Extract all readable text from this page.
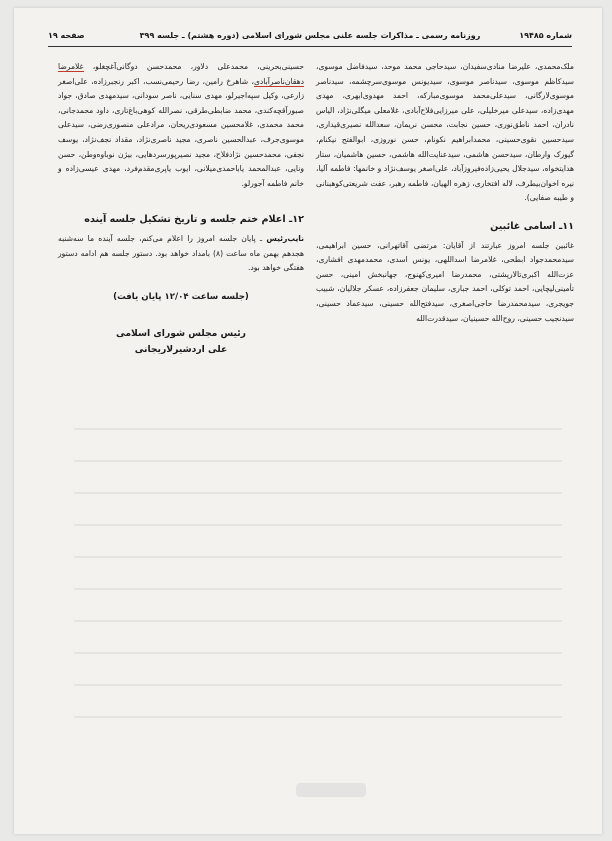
شماره ۱۹۴۸۵
روزنامه رسمی ـ مذاکرات جلسه علنی مجلس شورای اسلامی (دوره هشتم) ـ جلسه ۳۹۹
صفحه ۱۹

ملک‌محمدی، علیرضا منادی‌سفیدان، سیدحاجی محمد موحد، سیدفاضل موسوی، سیدکاظم موسوی، سیدناصر موسوی، سیدیونس موسوی‌سرچشمه، سیدناصر موسوی‌لارگانی، سیدعلی‌محمد موسوی‌مبارکه، احمد مهدوی‌ابهری، مهدی مهدی‌زاده، سیدعلی میرخلیلی، علی میرزایی‌فلاح‌آبادی، غلامعلی میگلی‌نژاد، الیاس نادران، احمد ناطق‌نوری، حسین نجابت، محسن نریمان، سعدالله نصیری‌قیداری، سیدحسین نقوی‌حسینی، محمدابراهیم نکونام، حسن نوروزی، ابوالفتح نیکنام، گیورک وارطان، سیدحسن هاشمی، سیدعنایت‌الله هاشمی، حسین هاشمیان، ستار هدایتخواه، سیدجلال یحیی‌زاده‌فیروزآباد، علی‌اصغر یوسف‌نژاد و خانمها: فاطمه آلیا، نیره اخوان‌بیطرف، لاله افتخاری، زهره الهیان، فاطمه رهبر، عفت شریعتی‌کوهبنانی و طیبه صفایی).

۱۱ـ اسامی غائبین

غائبین جلسه امروز عبارتند از آقایان: مرتضی آقاتهرانی، حسین ابراهیمی، سیدمحمدجواد ابطحی، غلامرضا اسداللهی، یونس اسدی، محمدمهدی افشاری، عزت‌الله اکبری‌تالارپشتی، محمدرضا امیری‌کهنوج، جهانبخش امینی، حسن تأمینی‌لیچایی، احمد توکلی، احمد جباری، سلیمان جعفرزاده، عسکر جلالیان، شبیب جویجری، سیدمحمدرضا حاجی‌اصغری، سیدفتح‌الله حسینی، سیدعماد حسینی، سیدنجیب حسینی، روح‌الله حسینیان، سیدقدرت‌الله

حسینی‌بحرینی، محمدعلی دلاور، محمدحسن دوگانی‌آغچغلو، غلامرضا دهقان‌ناصرآبادی، شاهرخ رامین، رضا رحیمی‌نسب، اکبر رنجبرزاده، علی‌اصغر زارعی، وکیل سپه‌اجیرلو، مهدی سنایی، ناصر سودانی، سیدمهدی صادق، جواد صبورآقچه‌کندی، محمد ضابطی‌طرقی، نصرالله کوهی‌باغ‌تاری، داود محمدجانی، محمد محمدی، غلامحسین مسعودی‌ریحان، مرادعلی منصوری‌رضی، سیدعلی موسوی‌جرف، عبدالحسین ناصری، مجید ناصری‌نژاد، مقداد نجف‌نژاد، یوسف نجفی، محمدحسین نژادفلاح، مجید نصیرپورسردهایی، بیژن نوباوه‌وطن، حسن ونایی، عبدالمحمد یاباحمدی‌میلانی، ایوب یاپری‌مقدم‌فرد، مهدی عیسی‌زاده و خانم فاطمه آجورلو.

۱۲ـ اعلام ختم جلسه و تاریخ تشکیل جلسه آینده

نایب‌رئیس ـ پایان جلسه امروز را اعلام می‌کنم، جلسه آینده ما سه‌شنبه هجدهم بهمن ماه ساعت (۸) بامداد خواهد بود. دستور جلسه هم ادامه دستور هفتگی خواهد بود.

(جلسه ساعت ۱۲/۰۴ پایان یافت)
رئیس مجلس شورای اسلامی
علی اردشیرلاریجانی
